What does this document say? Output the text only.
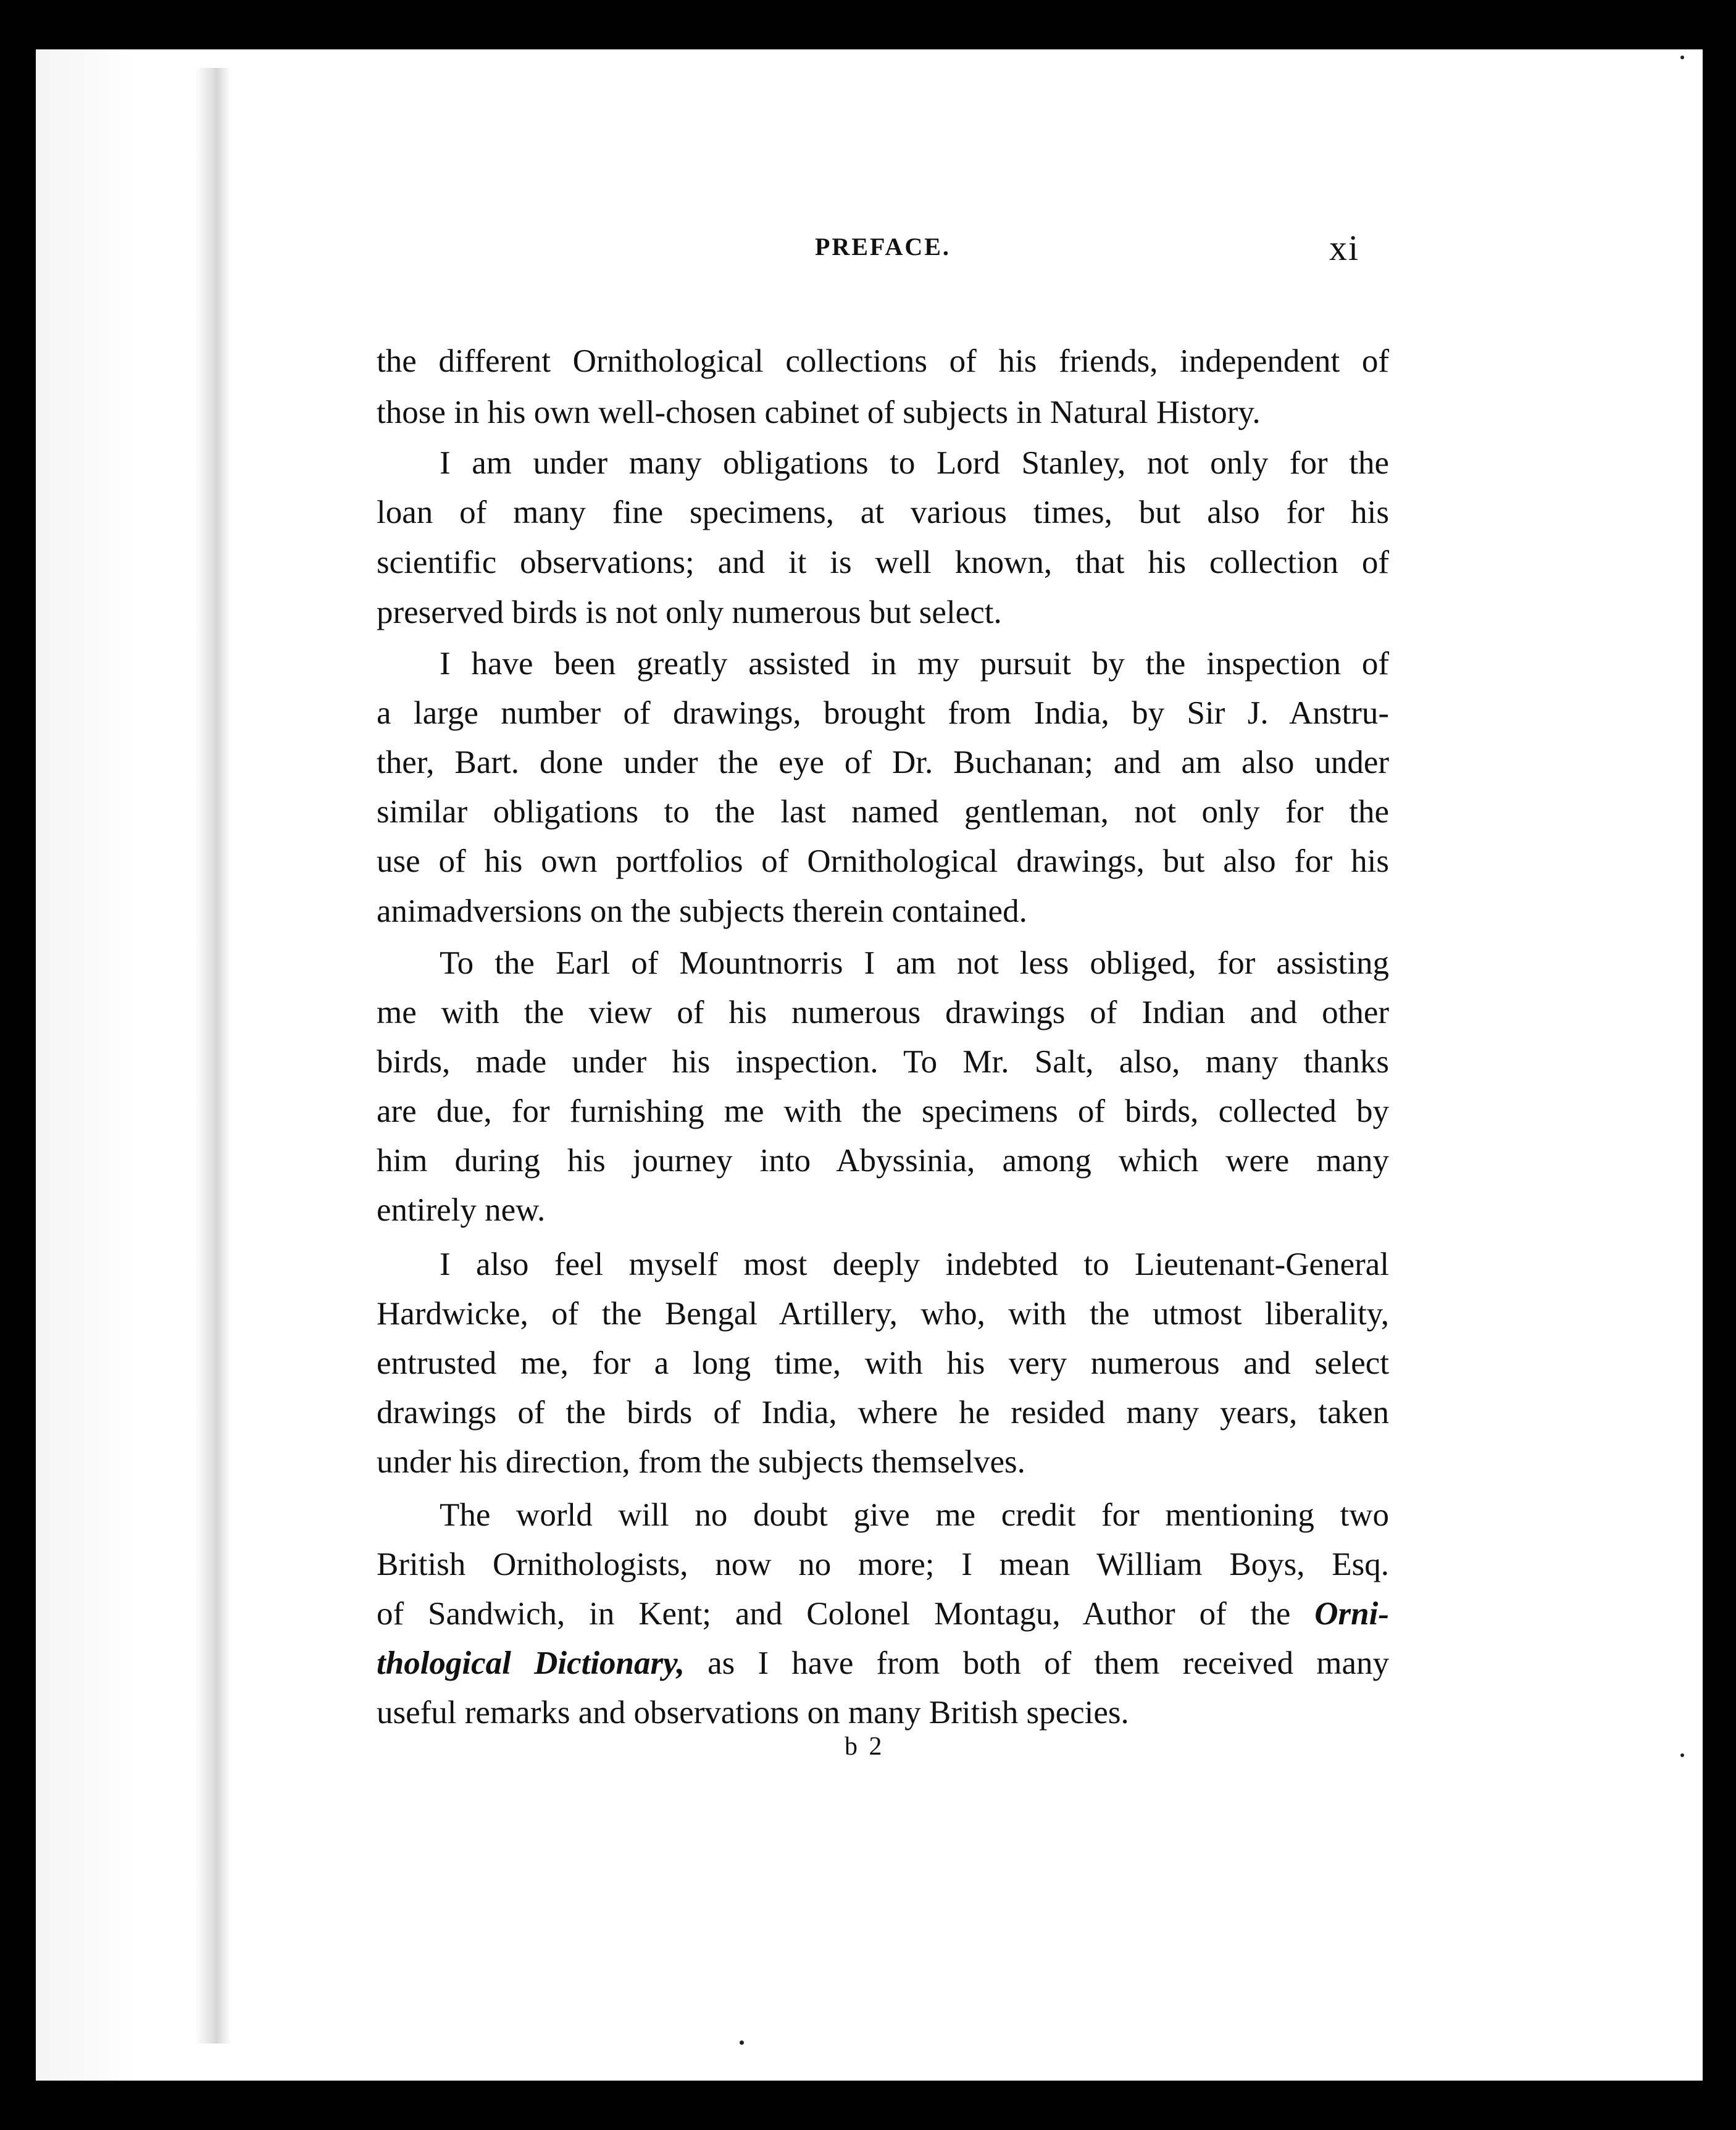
PREFACE.	xi
the different Ornithological collections of his friends, independent of
those in his own well-chosen cabinet of subjects in Natural History.
I am under many obligations to Lord Stanley, not only for the
loan of many fine specimens, at various times, but also for his
scientific observations; and it is well known, that his collection of
preserved birds is not only numerous but select.
I have been greatly assisted in my pursuit by the inspection of
a large number of drawings, brought from India, by Sir J. Anstru-
ther, Bart. done under the eye of Dr. Buchanan; and am also under
similar obligations to the last named gentleman, not only for the
use of his own portfolios of Ornithological drawings, but also for his
animadversions on the subjects therein contained.
To the Earl of Mountnorris I am not less obliged, for assisting
me with the view of his numerous drawings of Indian and other
birds, made under his inspection. To Mr. Salt, also, many thanks
are due, for furnishing me with the specimens of birds, collected by
him during his journey into Abyssinia, among which were many
entirely new.
I also feel myself most deeply indebted to Lieutenant-General
Hardwicke, of the Bengal Artillery, who, with the utmost liberality,
entrusted me, for a long time, with his very numerous and select
drawings of the birds of India, where he resided many years, taken
under his direction, from the subjects themselves.
The world will no doubt give me credit for mentioning two
British Ornithologists, now no more; I mean William Boys, Esq.
of Sandwich, in Kent; and Colonel Montagu, Author of the Orni-
thological Dictionary, as I have from both of them received many
useful remarks and observations on many British species.
b 2
